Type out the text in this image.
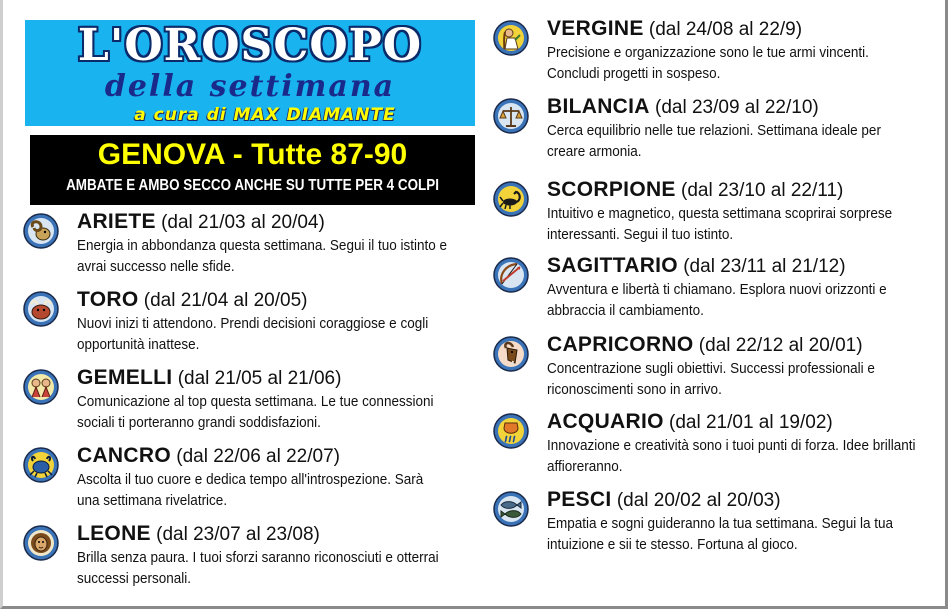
L'OROSCOPO
della settimana
a cura di MAX DIAMANTE
GENOVA - Tutte 87-90
AMBATE E AMBO SECCO ANCHE SU TUTTE PER 4 COLPI
ARIETE (dal 21/03 al 20/04)
Energia in abbondanza questa settimana. Segui il tuo istinto e avrai successo nelle sfide.
TORO (dal 21/04 al 20/05)
Nuovi inizi ti attendono. Prendi decisioni coraggiose e cogli opportunità inattese.
GEMELLI (dal 21/05 al 21/06)
Comunicazione al top questa settimana. Le tue connessioni sociali ti porteranno grandi soddisfazioni.
CANCRO (dal 22/06 al 22/07)
Ascolta il tuo cuore e dedica tempo all'introspezione. Sarà una settimana rivelatrice.
LEONE (dal 23/07 al 23/08)
Brilla senza paura. I tuoi sforzi saranno riconosciuti e otterrai successi personali.
VERGINE (dal 24/08 al 22/9)
Precisione e organizzazione sono le tue armi vincenti. Concludi progetti in sospeso.
BILANCIA (dal 23/09 al 22/10)
Cerca equilibrio nelle tue relazioni. Settimana ideale per creare armonia.
SCORPIONE (dal 23/10 al 22/11)
Intuitivo e magnetico, questa settimana scoprirai sorprese interessanti. Segui il tuo istinto.
SAGITTARIO (dal 23/11 al 21/12)
Avventura e libertà ti chiamano. Esplora nuovi orizzonti e abbraccia il cambiamento.
CAPRICORNO (dal 22/12 al 20/01)
Concentrazione sugli obiettivi. Successi professionali e riconoscimenti sono in arrivo.
ACQUARIO (dal 21/01 al 19/02)
Innovazione e creatività sono i tuoi punti di forza. Idee brillanti affioreranno.
PESCI (dal 20/02 al 20/03)
Empatia e sogni guideranno la tua settimana. Segui la tua intuizione e sii te stesso. Fortuna al gioco.
